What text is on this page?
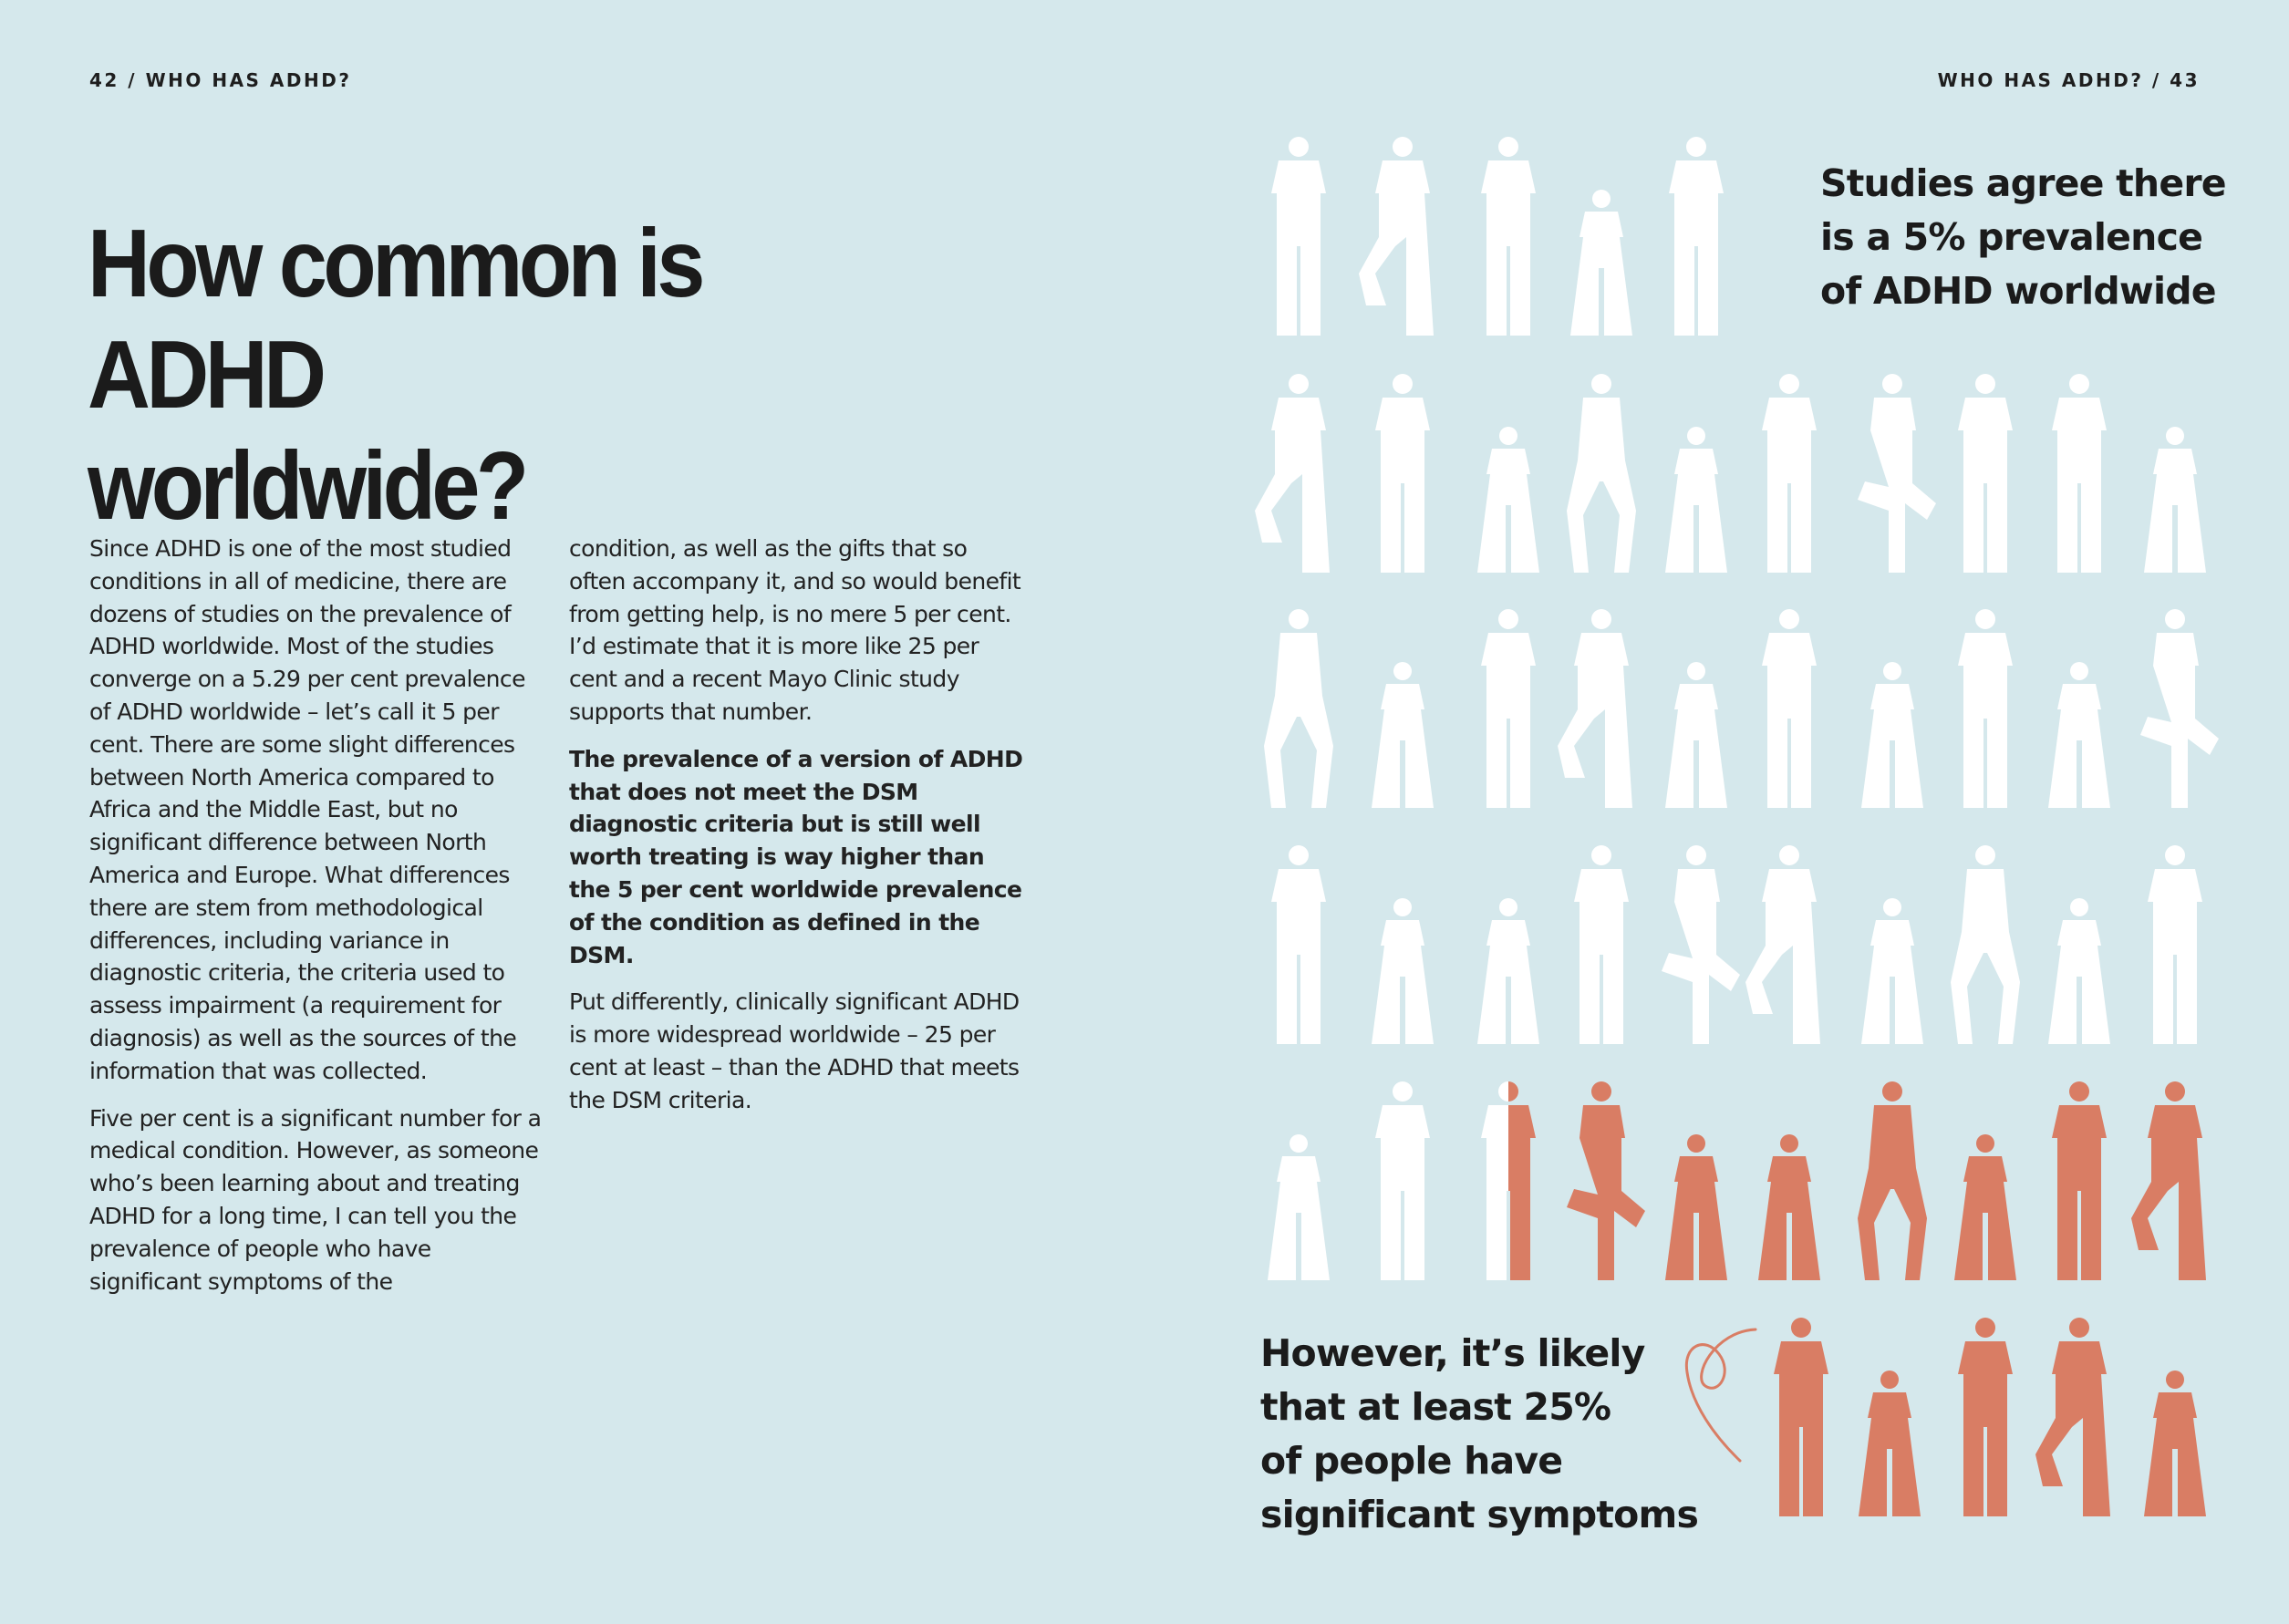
42 / WHO HAS ADHD?	WHO HAS ADHD? / 43
How common is ADHD
worldwide?

Since ADHD is one of the most studied conditions in all of medicine, there are dozens of studies on the prevalence of ADHD worldwide. Most of the studies converge on a 5.29 per cent prevalence of ADHD worldwide – let’s call it 5 per cent. There are some slight differences between North America compared to Africa and the Middle East, but no significant difference between North America and Europe. What differences there are stem from methodological differences, including variance in diagnostic criteria, the criteria used to assess impairment (a requirement for diagnosis) as well as the sources of the information that was collected.

Five per cent is a significant number for a medical condition. However, as someone who’s been learning about and treating ADHD for a long time, I can tell you the prevalence of people who have significant symptoms of the

condition, as well as the gifts that so often accompany it, and so would benefit from getting help, is no mere 5 per cent. I’d estimate that it is more like 25 per cent and a recent Mayo Clinic study supports that number.

The prevalence of a version of ADHD that does not meet the DSM diagnostic criteria but is still well worth treating is way higher than the 5 per cent worldwide prevalence of the condition as defined in the DSM.

Put differently, clinically significant ADHD is more widespread worldwide – 25 per cent at least – than the ADHD that meets the DSM criteria.

Studies agree there
is a 5% prevalence
of ADHD worldwide
However, it’s likely
that at least 25%
of people have
significant symptoms
